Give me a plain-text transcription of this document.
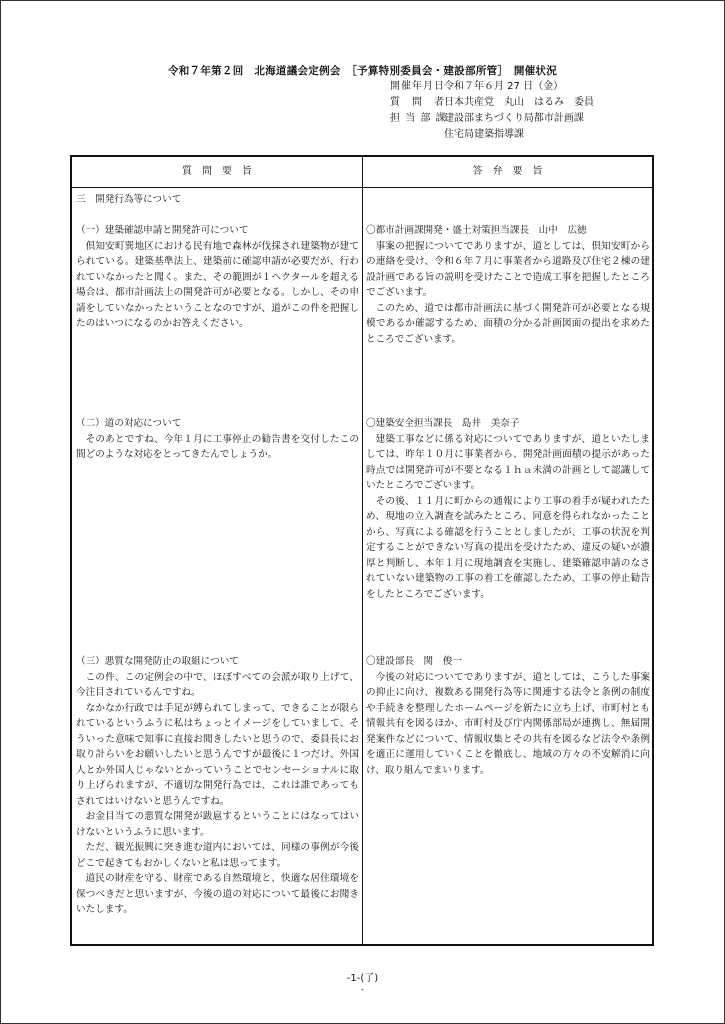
令和７年第２回　北海道議会定例会　［予算特別委員会・建設部所管］　開催状況
開催年月日 令和７年６月 27 日（金）
質　問　者 日本共産党　丸山　はるみ　委員
担 当 部 課
建設部まちづくり局都市計画課
住宅局建築指導課
質　問　要　旨	答　弁　要　旨
三　開発行為等について

（一）建築確認申請と開発許可について

倶知安町巽地区における民有地で森林が伐採され建築物が建てられている。建築基準法上、建築前に確認申請が必要だが、行われていなかったと聞く。また、その範囲が１ヘクタールを超える場合は、都市計画法上の開発許可が必要となる。しかし、その申請をしていなかったということなのですが、道がこの件を把握したのはいつになるのかお答えください。

〇都市計画課開発・盛土対策担当課長　山中　広徳

事案の把握についてでありますが、道としては、倶知安町からの連絡を受け、令和６年７月に事業者から道路及び住宅２棟の建設計画である旨の説明を受けたことで造成工事を把握したところでございます。

このため、道では都市計画法に基づく開発許可が必要となる規模であるか確認するため、面積の分かる計画図面の提出を求めたところでございます。

（二）道の対応について

そのあとですね、今年１月に工事停止の勧告書を交付したこの間どのような対応をとってきたんでしょうか。

〇建築安全担当課長　島井　美奈子

建築工事などに係る対応についてでありますが、道といたしましては、昨年１０月に事業者から、開発計画面積の提示があった時点では開発許可が不要となる１ｈａ未満の計画として認識していたところでございます。

その後、１１月に町からの通報により工事の着手が疑われたため、現地の立入調査を試みたところ、同意を得られなかったことから、写真による確認を行うこととしましたが、工事の状況を判定することができない写真の提出を受けたため、違反の疑いが濃厚と判断し、本年１月に現地調査を実施し、建築確認申請のなされていない建築物の工事の着工を確認したため、工事の停止勧告をしたところでございます。

（三）悪質な開発防止の取組について

この件、この定例会の中で、ほぼすべての会派が取り上げて、今注目されているんですね。

なかなか行政では手足が縛られてしまって、できることが限られているというふうに私はちょっとイメージをしていまして、そういった意味で知事に直接お聞きしたいと思うので、委員長にお取り計らいをお願いしたいと思うんですが最後に１つだけ、外国人とか外国人じゃないとかっていうことでセンセーショナルに取り上げられますが、不適切な開発行為では、これは誰であってもされてはいけないと思うんですね。

お金目当ての悪質な開発が跋扈するということにはなってはいけないというふうに思います。

ただ、観光振興に突き進む道内においては、同様の事例が今後どこで起きてもおかしくないと私は思ってます。

道民の財産を守る、財産である自然環境と、快適な居住環境を保つべきだと思いますが、今後の道の対応について最後にお聞きいたします。

〇建設部長　関　俊一

今後の対応についてでありますが、道としては、こうした事案の抑止に向け、複数ある開発行為等に関連する法令と条例の制度や手続きを整理したホームページを新たに立ち上げ、市町村とも情報共有を図るほか、市町村及び庁内関係部局が連携し、無届開発案件などについて、情報収集とその共有を図るなど法令や条例を適正に運用していくことを徹底し、地域の方々の不安解消に向け、取り組んでまいります。

-1-(了)
-
